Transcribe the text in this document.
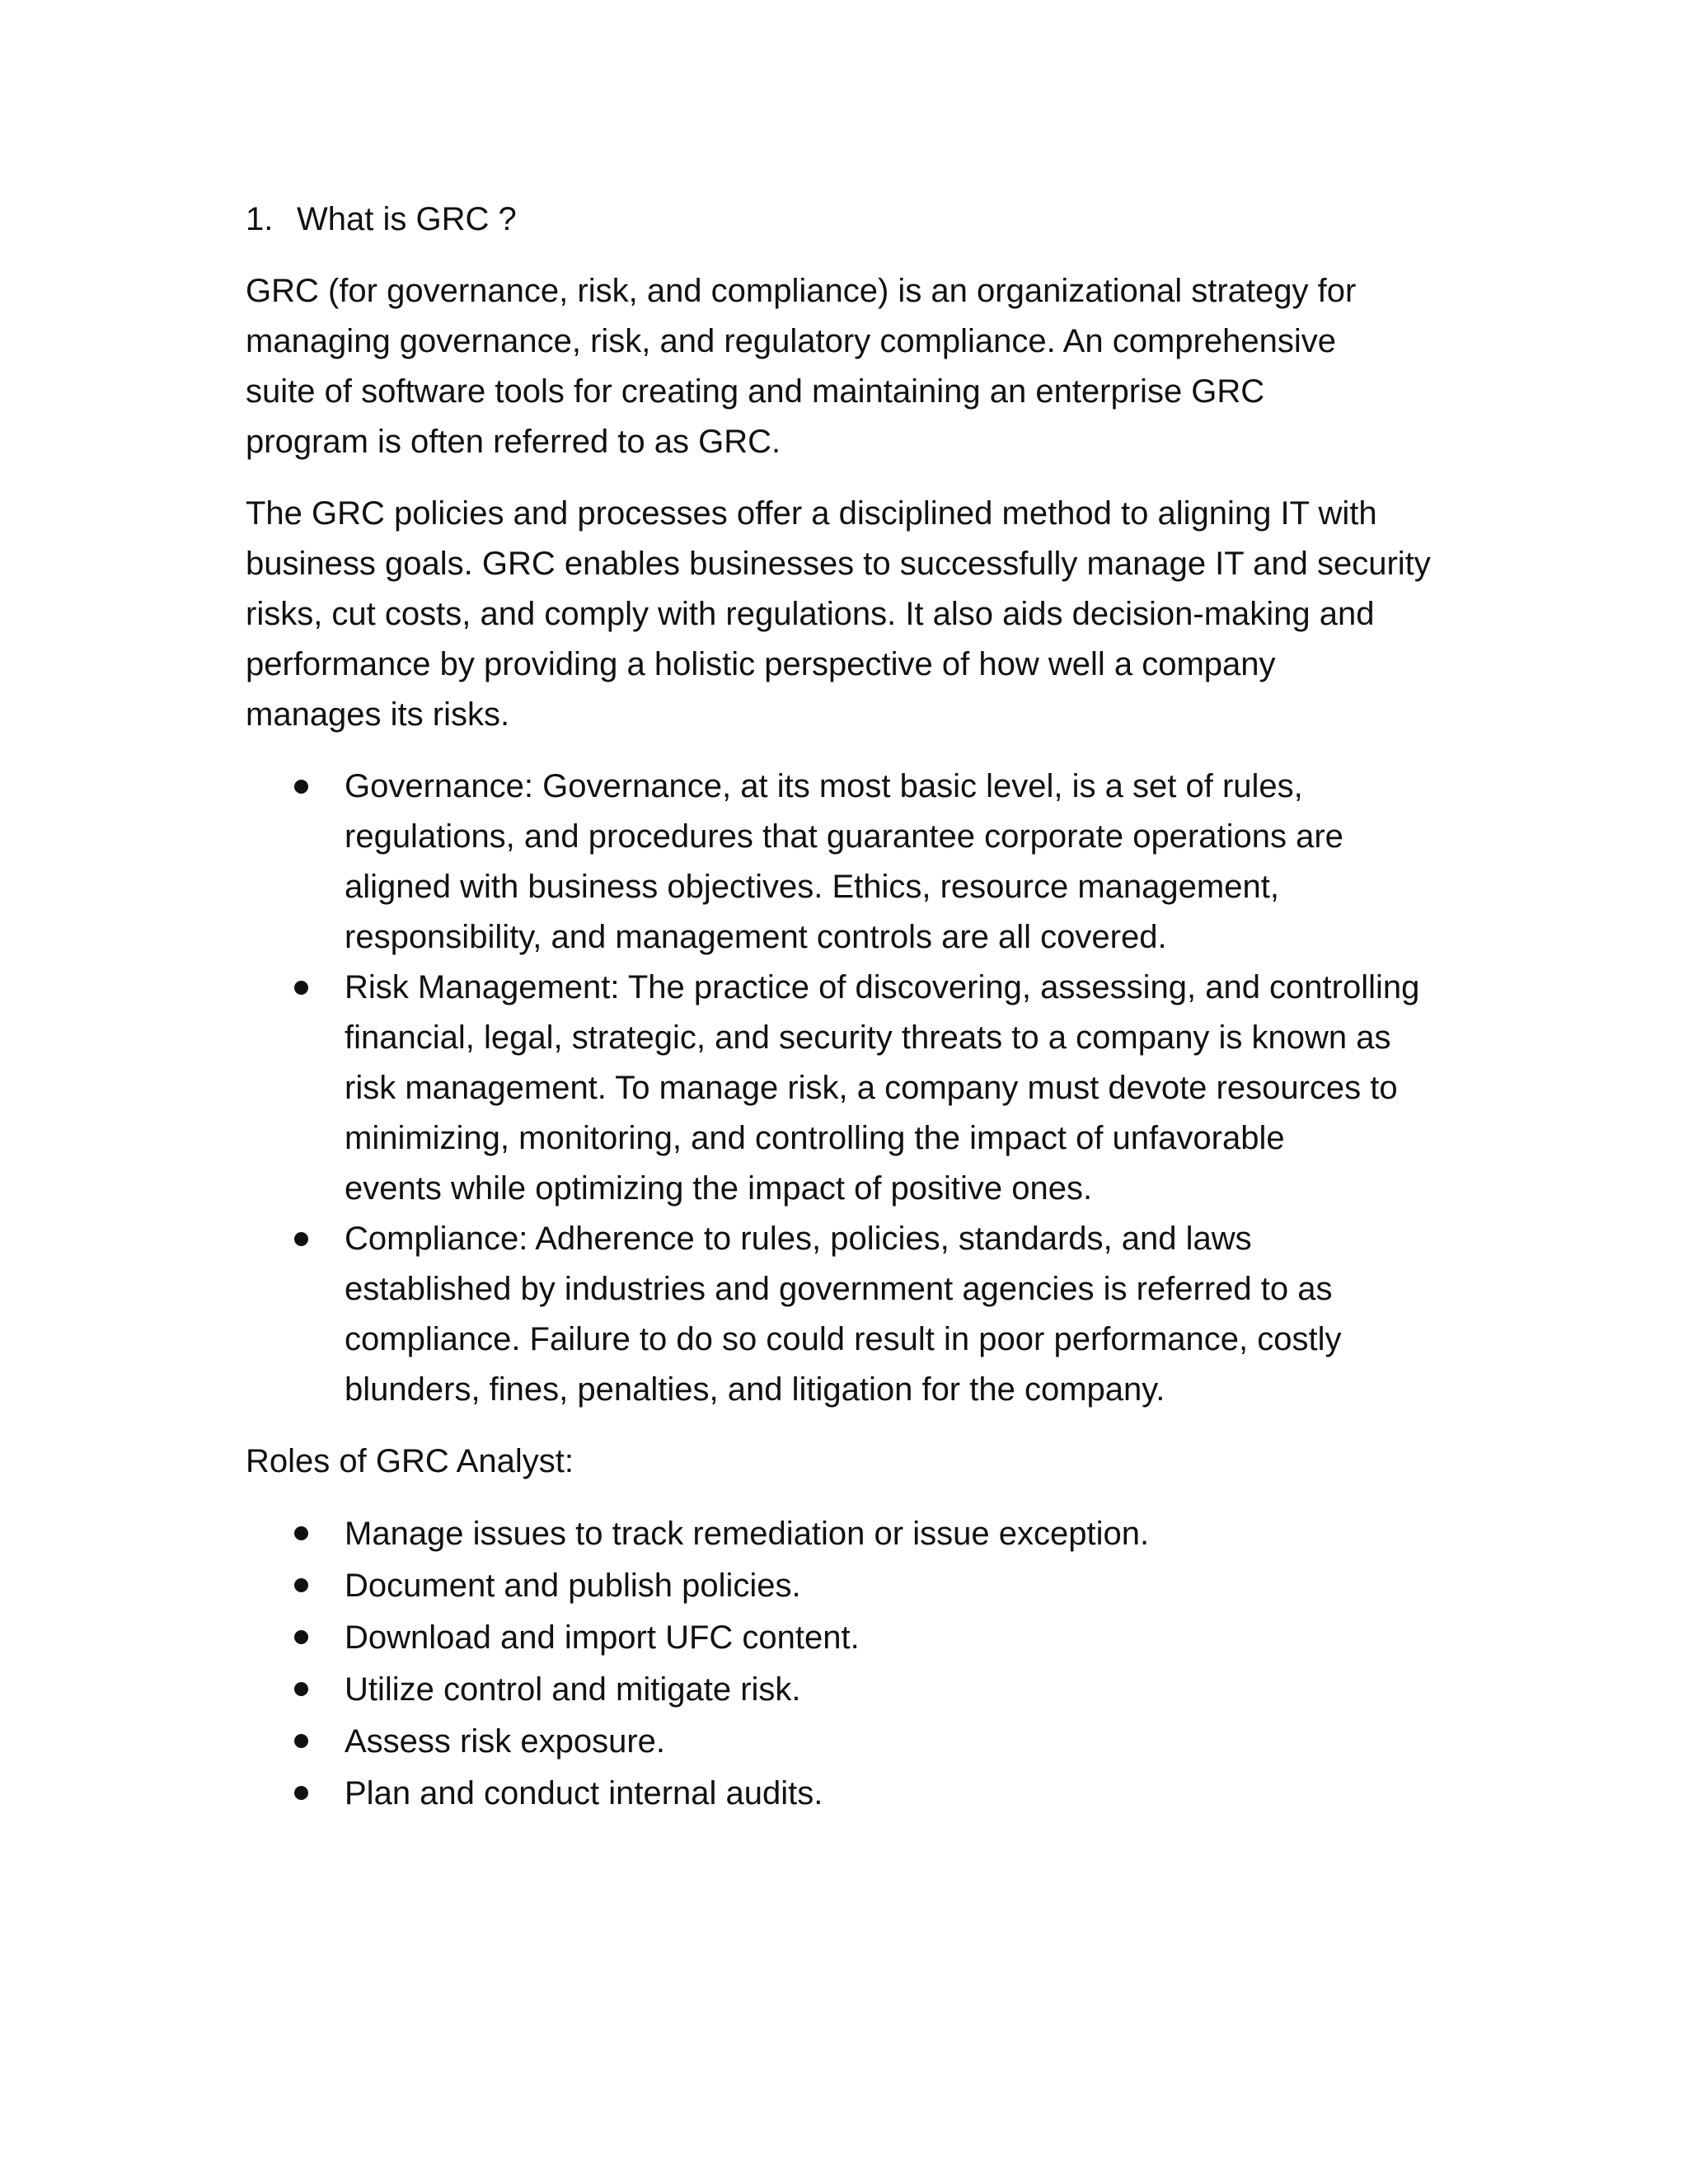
1. What is GRC ?

GRC (for governance, risk, and compliance) is an organizational strategy for
managing governance, risk, and regulatory compliance. An comprehensive
suite of software tools for creating and maintaining an enterprise GRC
program is often referred to as GRC.

The GRC policies and processes offer a disciplined method to aligning IT with
business goals. GRC enables businesses to successfully manage IT and security
risks, cut costs, and comply with regulations. It also aids decision-making and
performance by providing a holistic perspective of how well a company
manages its risks.

Governance: Governance, at its most basic level, is a set of rules,
regulations, and procedures that guarantee corporate operations are
aligned with business objectives. Ethics, resource management,
responsibility, and management controls are all covered.
Risk Management: The practice of discovering, assessing, and controlling
financial, legal, strategic, and security threats to a company is known as
risk management. To manage risk, a company must devote resources to
minimizing, monitoring, and controlling the impact of unfavorable
events while optimizing the impact of positive ones.
Compliance: Adherence to rules, policies, standards, and laws
established by industries and government agencies is referred to as
compliance. Failure to do so could result in poor performance, costly
blunders, fines, penalties, and litigation for the company.

Roles of GRC Analyst:

Manage issues to track remediation or issue exception.
Document and publish policies.
Download and import UFC content.
Utilize control and mitigate risk.
Assess risk exposure.
Plan and conduct internal audits.
